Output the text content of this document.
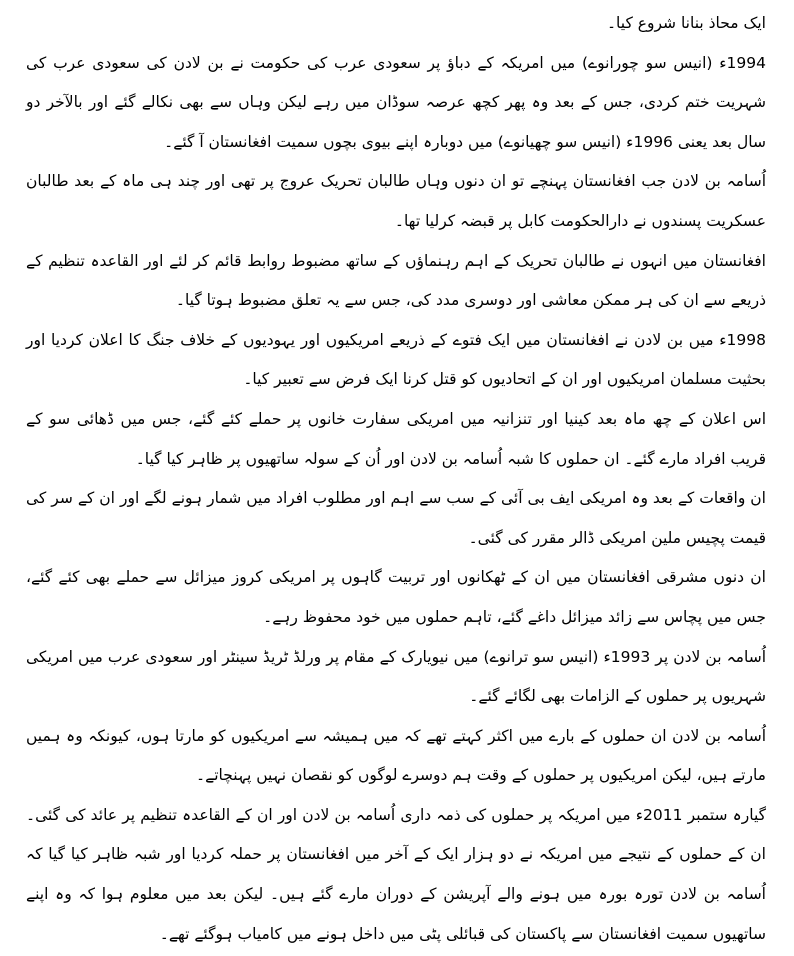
ایک محاذ بنانا شروع کیا۔

1994ء (انیس سو چورانوے) میں امریکہ کے دباؤ پر سعودی عرب کی حکومت نے بن لادن کی سعودی عرب کی شہریت ختم کردی، جس کے بعد وہ پھر کچھ عرصہ سوڈان میں رہے لیکن وہاں سے بھی نکالے گئے اور بالآخر دو سال بعد یعنی 1996ء (انیس سو چھیانوے) میں دوبارہ اپنے بیوی بچوں سمیت افغانستان آ گئے۔

اُسامہ بن لادن جب افغانستان پہنچے تو ان دنوں وہاں طالبان تحریک عروج پر تھی اور چند ہی ماہ کے بعد طالبان عسکریت پسندوں نے دارالحکومت کابل پر قبضہ کرلیا تھا۔

افغانستان میں انہوں نے طالبان تحریک کے اہم رہنماؤں کے ساتھ مضبوط روابط قائم کر لئے اور القاعدہ تنظیم کے ذریعے سے ان کی ہر ممکن معاشی اور دوسری مدد کی، جس سے یہ تعلق مضبوط ہوتا گیا۔

1998ء میں بن لادن نے افغانستان میں ایک فتوے کے ذریعے امریکیوں اور یہودیوں کے خلاف جنگ کا اعلان کردیا اور بحثیت مسلمان امریکیوں اور ان کے اتحادیوں کو قتل کرنا ایک فرض سے تعبیر کیا۔

اس اعلان کے چھ ماہ بعد کینیا اور تنزانیہ میں امریکی سفارت خانوں پر حملے کئے گئے، جس میں ڈھائی سو کے قریب افراد مارے گئے۔ ان حملوں کا شبہ اُسامہ بن لادن اور اُن کے سولہ ساتھیوں پر ظاہر کیا گیا۔

ان واقعات کے بعد وہ امریکی ایف بی آئی کے سب سے اہم اور مطلوب افراد میں شمار ہونے لگے اور ان کے سر کی قیمت پچیس ملین امریکی ڈالر مقرر کی گئی۔

ان دنوں مشرقی افغانستان میں ان کے ٹھکانوں اور تربیت گاہوں پر امریکی کروز میزائل سے حملے بھی کئے گئے، جس میں پچاس سے زائد میزائل داغے گئے، تاہم حملوں میں خود محفوظ رہے۔

اُسامہ بن لادن پر 1993ء (انیس سو ترانوے) میں نیویارک کے مقام پر ورلڈ ٹریڈ سینٹر اور سعودی عرب میں امریکی شہریوں پر حملوں کے الزامات بھی لگائے گئے۔

اُسامہ بن لادن ان حملوں کے بارے میں اکثر کہتے تھے کہ میں ہمیشہ سے امریکیوں کو مارتا ہوں، کیونکہ وہ ہمیں مارتے ہیں، لیکن امریکیوں پر حملوں کے وقت ہم دوسرے لوگوں کو نقصان نہیں پہنچاتے۔

گیارہ ستمبر 2011ء میں امریکہ پر حملوں کی ذمہ داری اُسامہ بن لادن اور ان کے القاعدہ تنظیم پر عائد کی گئی۔ ان کے حملوں کے نتیجے میں امریکہ نے دو ہزار ایک کے آخر میں افغانستان پر حملہ کردیا اور شبہ ظاہر کیا گیا کہ اُسامہ بن لادن تورہ بورہ میں ہونے والے آپریشن کے دوران مارے گئے ہیں۔ لیکن بعد میں معلوم ہوا کہ وہ اپنے ساتھیوں سمیت افغانستان سے پاکستان کی قبائلی پٹی میں داخل ہونے میں کامیاب ہوگئے تھے۔
